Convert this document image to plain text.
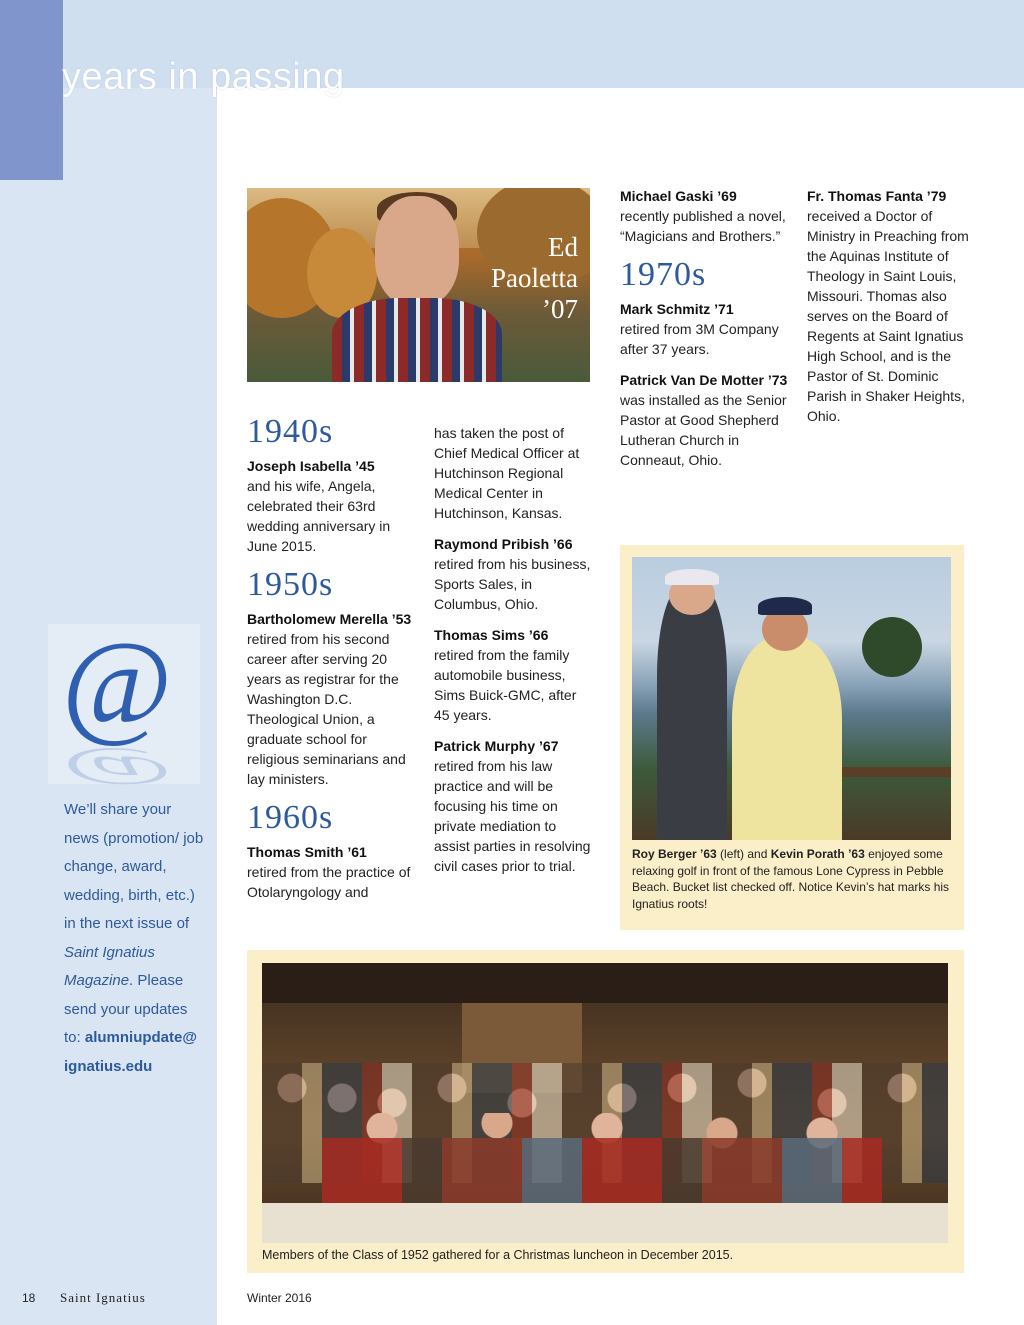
years in passing
Ed
Paoletta
’07
1940s

Joseph Isabella ’45
and his wife, Angela, celebrated their 63rd wedding anniversary in June 2015.

1950s

Bartholomew Merella ’53
retired from his second career after serving 20 years as registrar for the Washington D.C. Theological Union, a graduate school for religious seminarians and lay ministers.

1960s

Thomas Smith ’61
retired from the practice of Otolaryngology and

has taken the post of Chief Medical Officer at Hutchinson Regional Medical Center in Hutchinson, Kansas.

Raymond Pribish ’66
retired from his business, Sports Sales, in Columbus, Ohio.

Thomas Sims ’66
retired from the family automobile business, Sims Buick-GMC, after 45 years.

Patrick Murphy ’67
retired from his law practice and will be focusing his time on private mediation to assist parties in resolving civil cases prior to trial.

Michael Gaski ’69
recently published a novel, “Magicians and Brothers.”

1970s

Mark Schmitz ’71
retired from 3M Company after 37 years.

Patrick Van De Motter ’73
was installed as the Senior Pastor at Good Shepherd Lutheran Church in Conneaut, Ohio.

Fr. Thomas Fanta ’79
received a Doctor of Ministry in Preaching from the Aquinas Institute of Theology in Saint Louis, Missouri. Thomas also serves on the Board of Regents at Saint Ignatius High School, and is the Pastor of St. Dominic Parish in Shaker Heights, Ohio.

Roy Berger ’63 (left) and Kevin Porath ’63 enjoyed some relaxing golf in front of the famous Lone Cypress in Pebble Beach. Bucket list checked off. Notice Kevin’s hat marks his Ignatius roots!
Members of the Class of 1952 gathered for a Christmas luncheon in December 2015.
@
@
We’ll share your news (promotion/ job change, award, wedding, birth, etc.) in the next issue of Saint Ignatius Magazine. Please send your updates to: alumniupdate@ ignatius.edu
18 Saint Ignatius	Winter 2016
